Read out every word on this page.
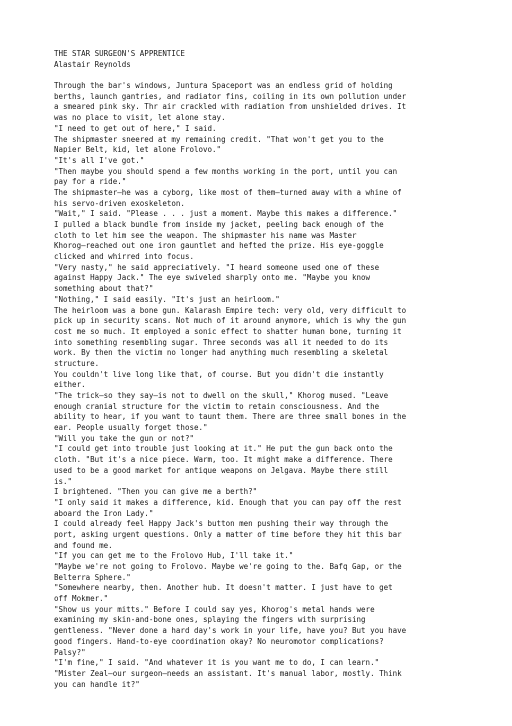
THE STAR SURGEON'S APPRENTICE
Alastair Reynolds
Through the bar's windows, Juntura Spaceport was an endless grid of holding
berths, launch gantries, and radiator fins, coiling in its own pollution under
a smeared pink sky. Thr air crackled with radiation from unshielded drives. It
was no place to visit, let alone stay.
"I need to get out of here," I said.
The shipmaster sneered at my remaining credit. "That won't get you to the
Napier Belt, kid, let alone Frolovo."
"It's all I've got."
"Then maybe you should spend a few months working in the port, until you can
pay for a ride."
The shipmaster—he was a cyborg, like most of them—turned away with a whine of
his servo-driven exoskeleton.
"Wait," I said. "Please . . . just a moment. Maybe this makes a difference."
I pulled a black bundle from inside my jacket, peeling back enough of the
cloth to let him see the weapon. The shipmaster his name was Master
Khorog—reached out one iron gauntlet and hefted the prize. His eye-goggle
clicked and whirred into focus.
"Very nasty," he said appreciatively. "I heard someone used one of these
against Happy Jack." The eye swiveled sharply onto me. "Maybe you know
something about that?"
"Nothing," I said easily. "It's just an heirloom."
The heirloom was a bone gun. Kalarash Empire tech: very old, very difficult to
pick up in security scans. Not much of it around anymore, which is why the gun
cost me so much. It employed a sonic effect to shatter human bone, turning it
into something resembling sugar. Three seconds was all it needed to do its
work. By then the victim no longer had anything much resembling a skeletal
structure.
You couldn't live long like that, of course. But you didn't die instantly
either.
"The trick—so they say—is not to dwell on the skull," Khorog mused. "Leave
enough cranial structure for the victim to retain consciousness. And the
ability to hear, if you want to taunt them. There are three small bones in the
ear. People usually forget those."
"Will you take the gun or not?"
"I could get into trouble just looking at it." He put the gun back onto the
cloth. "But it's a nice piece. Warm, too. It might make a difference. There
used to be a good market for antique weapons on Jelgava. Maybe there still
is."
I brightened. "Then you can give me a berth?"
"I only said it makes a difference, kid. Enough that you can pay off the rest
aboard the Iron Lady."
I could already feel Happy Jack's button men pushing their way through the
port, asking urgent questions. Only a matter of time before they hit this bar
and found me.
"If you can get me to the Frolovo Hub, I'll take it."
"Maybe we're not going to Frolovo. Maybe we're going to the. Bafq Gap, or the
Belterra Sphere."
"Somewhere nearby, then. Another hub. It doesn't matter. I just have to get
off Mokmer."
"Show us your mitts." Before I could say yes, Khorog's metal hands were
examining my skin-and-bone ones, splaying the fingers with surprising
gentleness. "Never done a hard day's work in your life, have you? But you have
good fingers. Hand-to-eye coordination okay? No neuromotor complications?
Palsy?"
"I'm fine," I said. "And whatever it is you want me to do, I can learn."
"Mister Zeal—our surgeon—needs an assistant. It's manual labor, mostly. Think
you can handle it?"
